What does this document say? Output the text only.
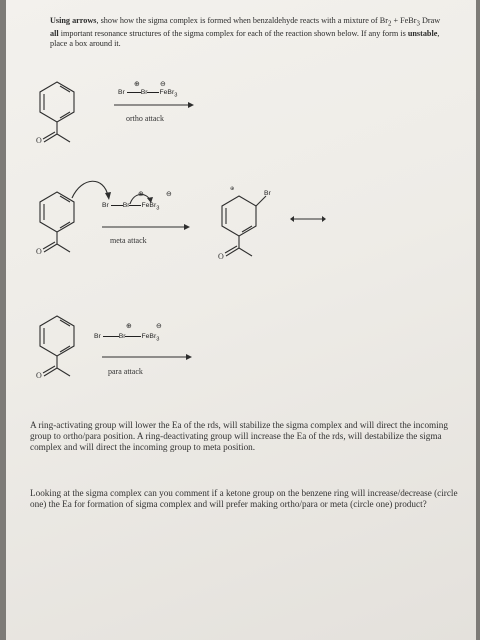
Using arrows, show how the sigma complex is formed when benzaldehyde reacts with a mixture of $Br_2$ + FeBr$_3$ Draw all important resonance structures of the sigma complex for each of the reaction shown below. If any form is unstable, place a box around it.
O
⊕	⊖
Br Br FeBr$_3$
ortho attack
O
⊕	⊖
Br Br FeBr$_3$
meta attack
Br
⊕
O
O
⊕	⊖
Br	Br FeBr$_3$
para attack
A ring-activating group will lower the Ea of the rds, will stabilize the sigma complex and will direct the incoming group to ortho/para position. A ring-deactivating group will increase the Ea of the rds, will destabilize the sigma complex and will direct the incoming group to meta position.
Looking at the sigma complex can you comment if a ketone group on the benzene ring will increase/decrease (circle one) the Ea for formation of sigma complex and will prefer making ortho/para or meta (circle one) product?
